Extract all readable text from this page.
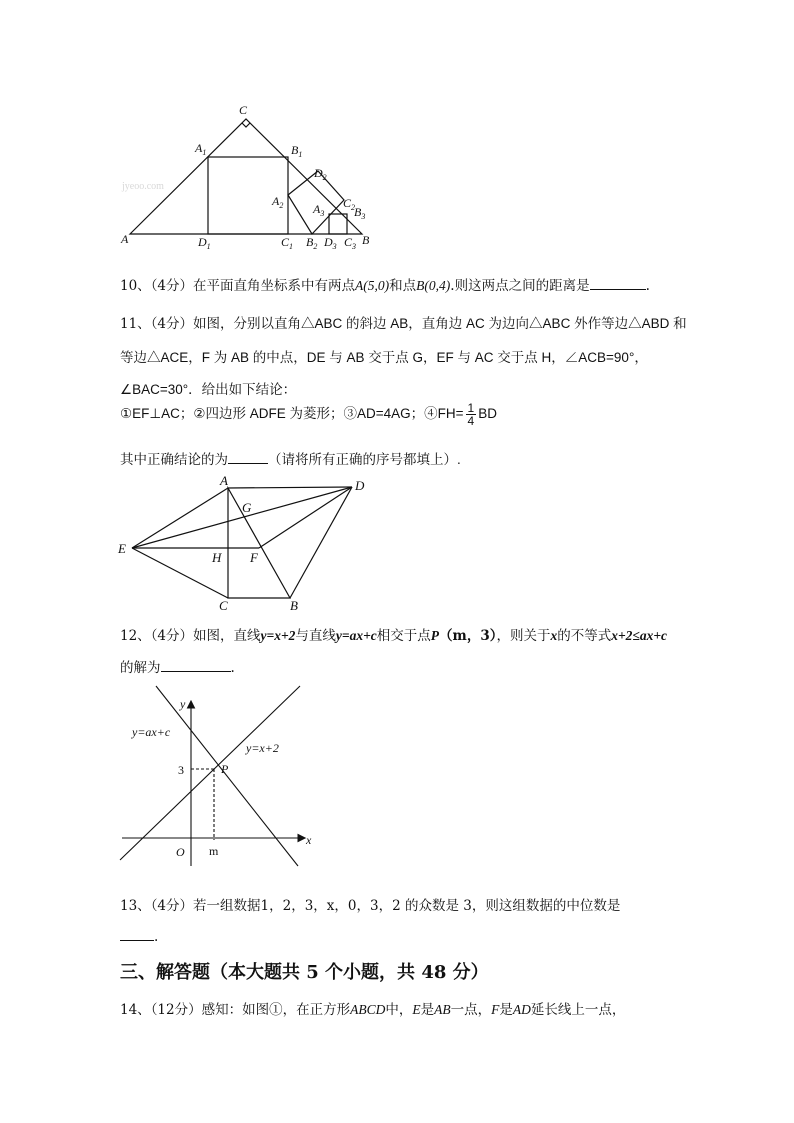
jyeoo.com
C
$A_1$	$B_1$
$D_2$
$A_2$ $A_3$
$C_2$
$B_3$
A	$D_1$	$C_1$ $B_2$ $D_3$ $C_3$ B
10、（4分）在平面直角坐标系中有两点A(5,0)和点B(0,4).则这两点之间的距离是	.
11、（4分）如图，分别以直角△ABC 的斜边 AB，直角边 AC 为边向△ABC 外作等边△ABD 和
等边△ACE，F 为 AB 的中点，DE 与 AB 交于点 G，EF 与 AC 交于点 H，∠ACB=90°，
∠BAC=30°．给出如下结论：
①EF⊥AC；②四边形 ADFE 为菱形；③AD=4AG；④FH= $\frac{1}{4}$ BD
其中正确结论的为	（请将所有正确的序号都填上）.
A	D
G
E
H F
C	B
12、（4分）如图，直线y=x+2与直线y=ax+c相交于点P（m，3），则关于x的不等式x+2≤ax+c
的解为	.
y
y=ax+c
y=x+2
3	P
x
O m
13、（4分）若一组数据1，2，3，x，0，3，2 的众数是 3，则这组数据的中位数是
.
三、解答题（本大题共 5 个小题，共 48 分）
14、（12分）感知：如图①，在正方形ABCD中，E是AB一点，F是AD延长线上一点，
